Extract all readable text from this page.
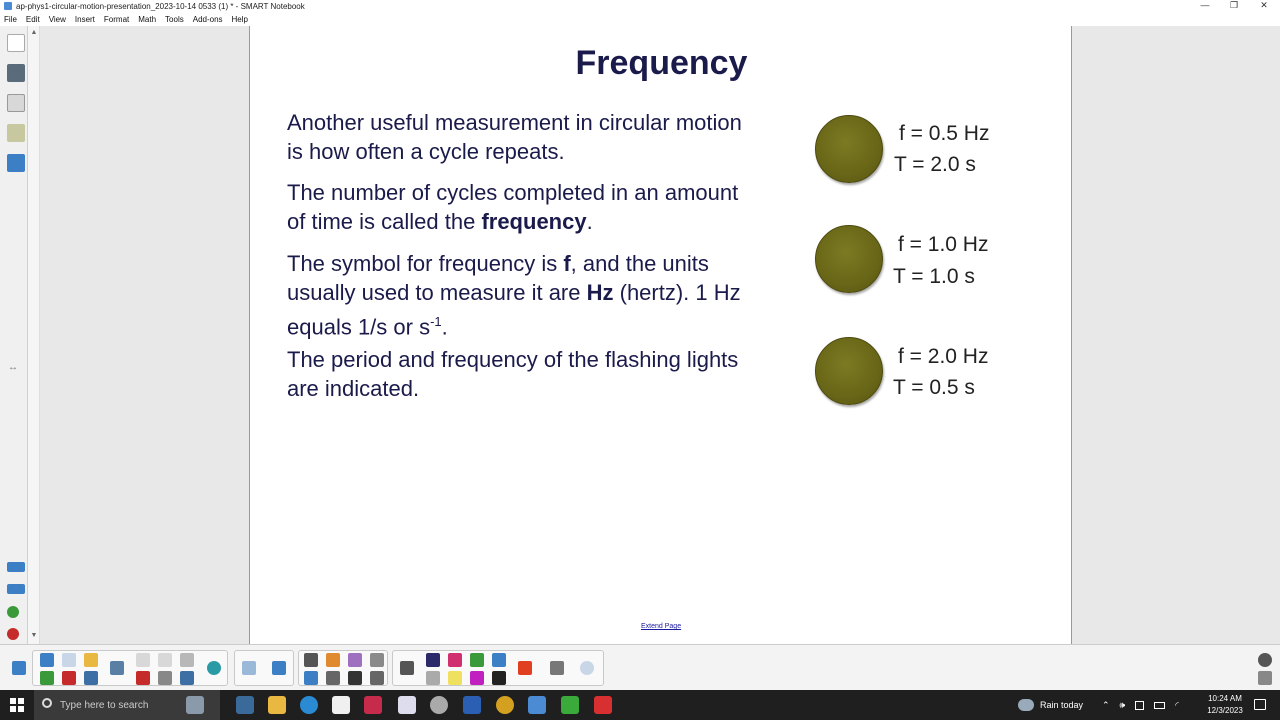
ap-phys1-circular-motion-presentation_2023-10-14 0533 (1) * - SMART Notebook	—	❐	✕
File Edit View Insert Format Math Tools Add-ons Help
▲
▼
↔
Frequency
Another useful measurement in circular motion is how often a cycle repeats.
The number of cycles completed in an amount of time is called the frequency.
The symbol for frequency is f, and the units usually used to measure it are Hz (hertz). 1 Hz equals 1/s or $s^{-1}$.
The period and frequency of the flashing lights are indicated.
f = 0.5 Hz
T = 2.0 s
f = 1.0 Hz
T = 1.0 s
f = 2.0 Hz
T = 0.5 s
Extend Page
Type here to search	Rain today ⌃ 🕪	◜
10:24 AM
12/3/2023
